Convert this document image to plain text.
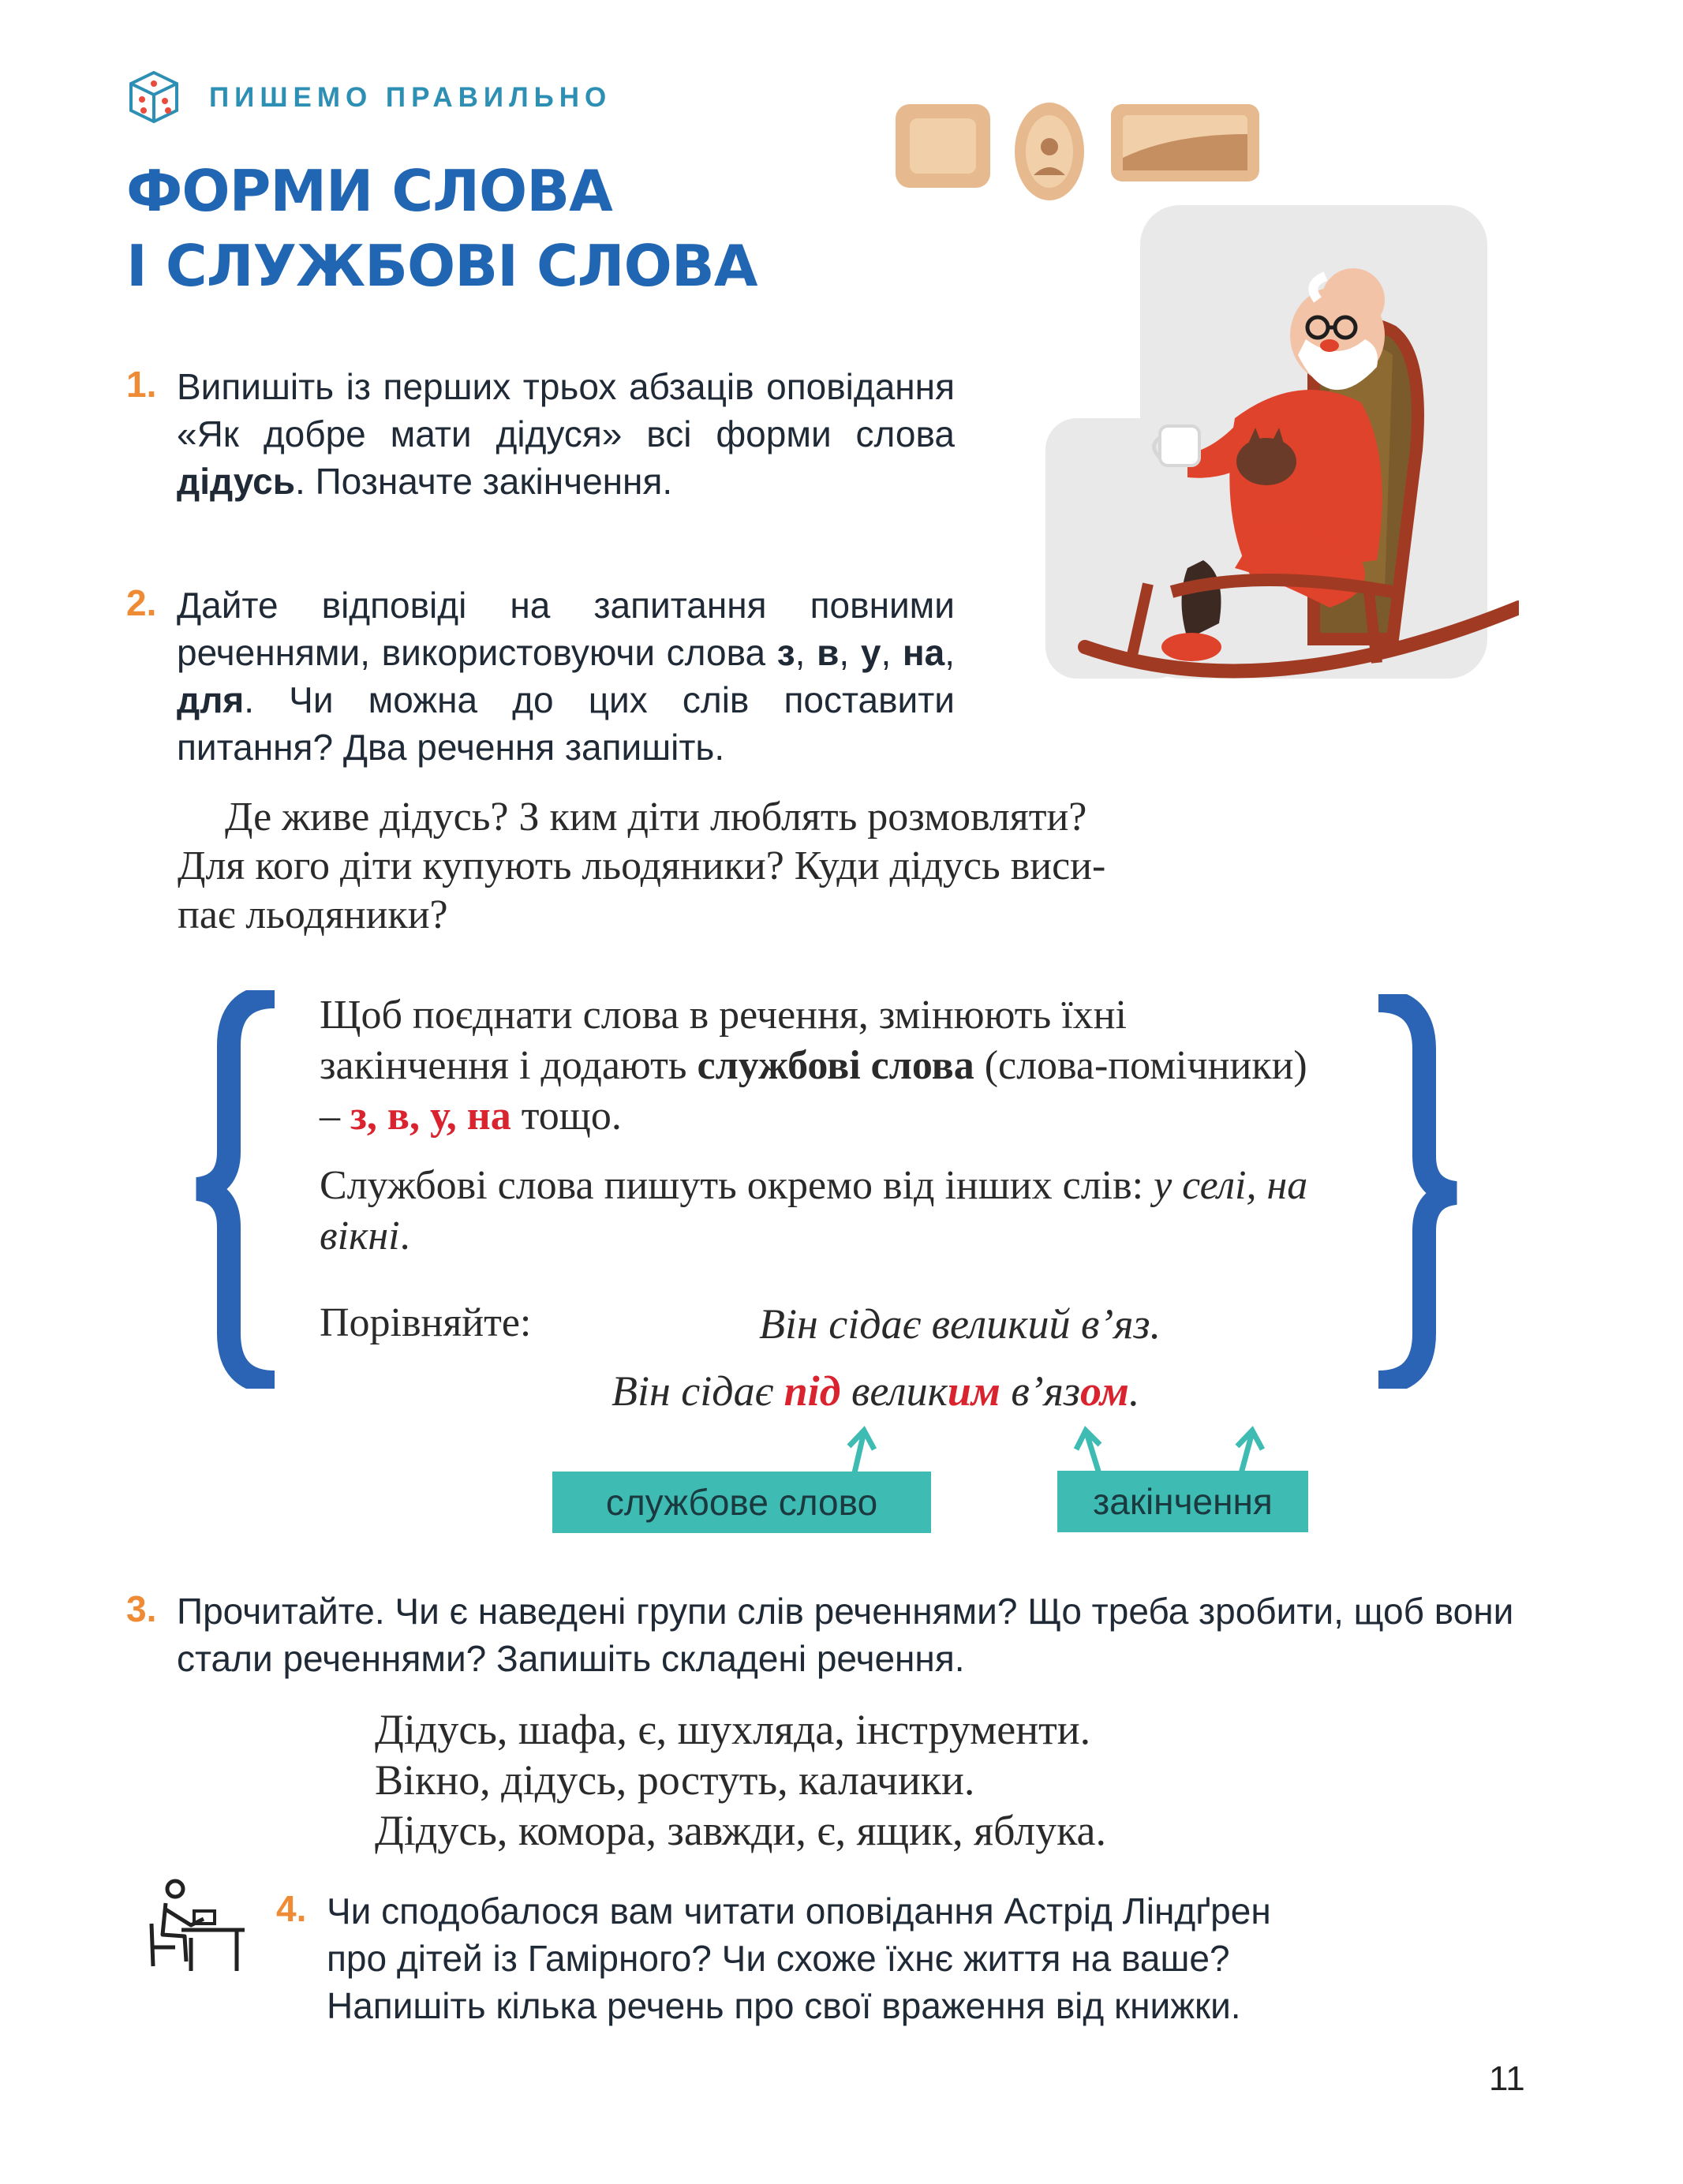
ПИШЕМО ПРАВИЛЬНО
ФОРМИ СЛОВА
І СЛУЖБОВІ СЛОВА
1. Випишіть із перших трьох абзаців оповідання «Як добре мати дідуся» всі форми слова дідусь. Позначте закінчення.
2. Дайте відповіді на запитання повними реченнями, використовуючи слова з, в, у, на, для. Чи можна до цих слів поставити питання? Два речення запишіть.
Де живе дідусь? З ким діти люблять розмовляти?
Для кого діти купують льодяники? Куди дідусь виси-
пає льодяники?

Щоб поєднати слова в речення, змінюють їхні закінчення і додають службові слова (слова-помічники) – з, в, у, на тощо.

Службові слова пишуть окремо від інших слів: у селі, на вікні.

Порівняйте:	Він сідає великий в’яз.
Він сідає під великим в’язом.
службове слово	закінчення
3. Прочитайте. Чи є наведені групи слів реченнями? Що треба зробити, щоб вони стали реченнями? Запишіть складені речення.
Дідусь, шафа, є, шухляда, інструменти.
Вікно, дідусь, ростуть, калачики.
Дідусь, комора, завжди, є, ящик, яблука.
4. Чи сподобалося вам читати оповідання Астрід Ліндґрен
про дітей із Гамірного? Чи схоже їхнє життя на ваше?
Напишіть кілька речень про свої враження від книжки.
11
